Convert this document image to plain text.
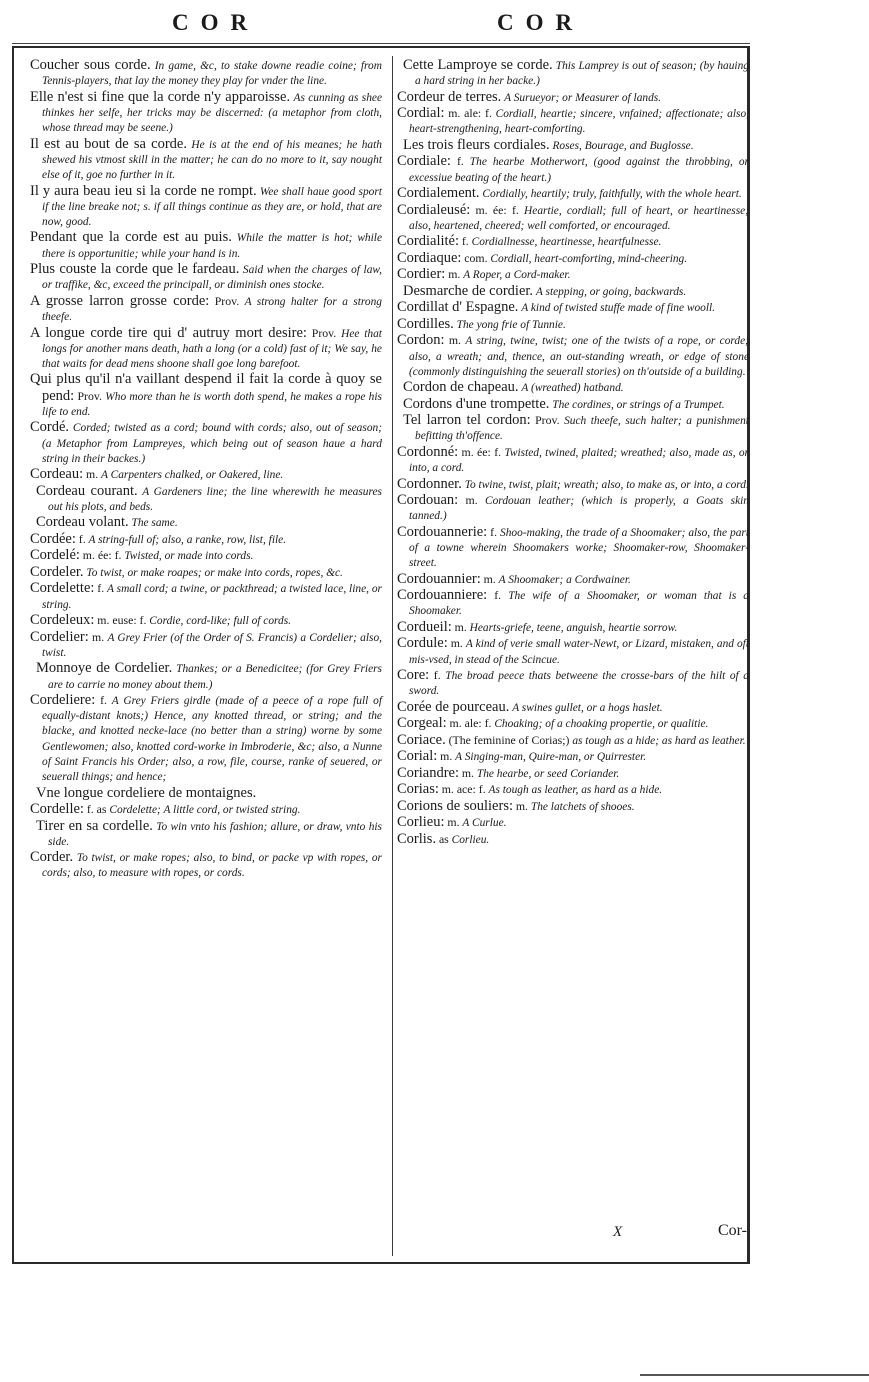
COR	COR

Coucher sous corde. In game, &c, to stake downe readie coine; from Tennis-players, that lay the money they play for vnder the line.

Elle n'est si fine que la corde n'y apparoisse. As cunning as shee thinkes her selfe, her tricks may be discerned: (a metaphor from cloth, whose thread may be seene.)

Il est au bout de sa corde. He is at the end of his meanes; he hath shewed his vtmost skill in the matter; he can do no more to it, say nought else of it, goe no further in it.

Il y aura beau ieu si la corde ne rompt. Wee shall haue good sport if the line breake not; s. if all things continue as they are, or hold, that are now, good.

Pendant que la corde est au puis. While the matter is hot; while there is opportunitie; while your hand is in.

Plus couste la corde que le fardeau. Said when the charges of law, or traffike, &c, exceed the principall, or diminish ones stocke.

A grosse larron grosse corde: Prov. A strong halter for a strong theefe.

A longue corde tire qui d' autruy mort desire: Prov. Hee that longs for another mans death, hath a long (or a cold) fast of it; We say, he that waits for dead mens shoone shall goe long barefoot.

Qui plus qu'il n'a vaillant despend il fait la corde à quoy se pend: Prov. Who more than he is worth doth spend, he makes a rope his life to end.

Cordé. Corded; twisted as a cord; bound with cords; also, out of season; (a Metaphor from Lampreyes, which being out of season haue a hard string in their backes.)

Cordeau: m. A Carpenters chalked, or Oakered, line.

Cordeau courant. A Gardeners line; the line wherewith he measures out his plots, and beds.

Cordeau volant. The same.

Cordée: f. A string-full of; also, a ranke, row, list, file.

Cordelé: m. ée: f. Twisted, or made into cords.

Cordeler. To twist, or make roapes; or make into cords, ropes, &c.

Cordelette: f. A small cord; a twine, or packthread; a twisted lace, line, or string.

Cordeleux: m. euse: f. Cordie, cord-like; full of cords.

Cordelier: m. A Grey Frier (of the Order of S. Francis) a Cordelier; also, twist.

Monnoye de Cordelier. Thankes; or a Benedicitee; (for Grey Friers are to carrie no money about them.)

Cordeliere: f. A Grey Friers girdle (made of a peece of a rope full of equally-distant knots;) Hence, any knotted thread, or string; and the blacke, and knotted necke-lace (no better than a string) worne by some Gentlewomen; also, knotted cord-worke in Imbroderie, &c; also, a Nunne of Saint Francis his Order; also, a row, file, course, ranke of seuered, or seuerall things; and hence;

Vne longue cordeliere de montaignes.

Cordelle: f. as Cordelette; A little cord, or twisted string.

Tirer en sa cordelle. To win vnto his fashion; allure, or draw, vnto his side.

Corder. To twist, or make ropes; also, to bind, or packe vp with ropes, or cords; also, to measure with ropes, or cords.

Cette Lamproye se corde. This Lamprey is out of season; (by hauing a hard string in her backe.)

Cordeur de terres. A Surueyor; or Measurer of lands.

Cordial: m. ale: f. Cordiall, heartie; sincere, vnfained; affectionate; also, heart-strengthening, heart-comforting.

Les trois fleurs cordiales. Roses, Bourage, and Buglosse.

Cordiale: f. The hearbe Motherwort, (good against the throbbing, or excessiue beating of the heart.)

Cordialement. Cordially, heartily; truly, faithfully, with the whole heart.

Cordialeusé: m. ée: f. Heartie, cordiall; full of heart, or heartinesse; also, heartened, cheered; well comforted, or encouraged.

Cordialité: f. Cordiallnesse, heartinesse, heartfulnesse.

Cordiaque: com. Cordiall, heart-comforting, mind-cheering.

Cordier: m. A Roper, a Cord-maker.

Desmarche de cordier. A stepping, or going, backwards.

Cordillat d' Espagne. A kind of twisted stuffe made of fine wooll.

Cordilles. The yong frie of Tunnie.

Cordon: m. A string, twine, twist; one of the twists of a rope, or corde; also, a wreath; and, thence, an out-standing wreath, or edge of stone (commonly distinguishing the seuerall stories) on th'outside of a building.

Cordon de chapeau. A (wreathed) hatband.

Cordons d'une trompette. The cordines, or strings of a Trumpet.

Tel larron tel cordon: Prov. Such theefe, such halter; a punishment befitting th'offence.

Cordonné: m. ée: f. Twisted, twined, plaited; wreathed; also, made as, or into, a cord.

Cordonner. To twine, twist, plait; wreath; also, to make as, or into, a cord.

Cordouan: m. Cordouan leather; (which is properly, a Goats skin tanned.)

Cordouannerie: f. Shoo-making, the trade of a Shoomaker; also, the part of a towne wherein Shoomakers worke; Shoomaker-row, Shoomaker-street.

Cordouannier: m. A Shoomaker; a Cordwainer.

Cordouanniere: f. The wife of a Shoomaker, or woman that is a Shoomaker.

Cordueil: m. Hearts-griefe, teene, anguish, heartie sorrow.

Cordule: m. A kind of verie small water-Newt, or Lizard, mistaken, and oft mis-vsed, in stead of the Scincue.

Core: f. The broad peece thats betweene the crosse-bars of the hilt of a sword.

Corée de pourceau. A swines gullet, or a hogs haslet.

Corgeal: m. ale: f. Choaking; of a choaking propertie, or qualitie.

Coriace. (The feminine of Corias;) as tough as a hide; as hard as leather.

Corial: m. A Singing-man, Quire-man, or Quirrester.

Coriandre: m. The hearbe, or seed Coriander.

Corias: m. ace: f. As tough as leather, as hard as a hide.

Corions de souliers: m. The latchets of shooes.

Corlieu: m. A Curlue.

Corlis. as Corlieu.

X	Cor-
